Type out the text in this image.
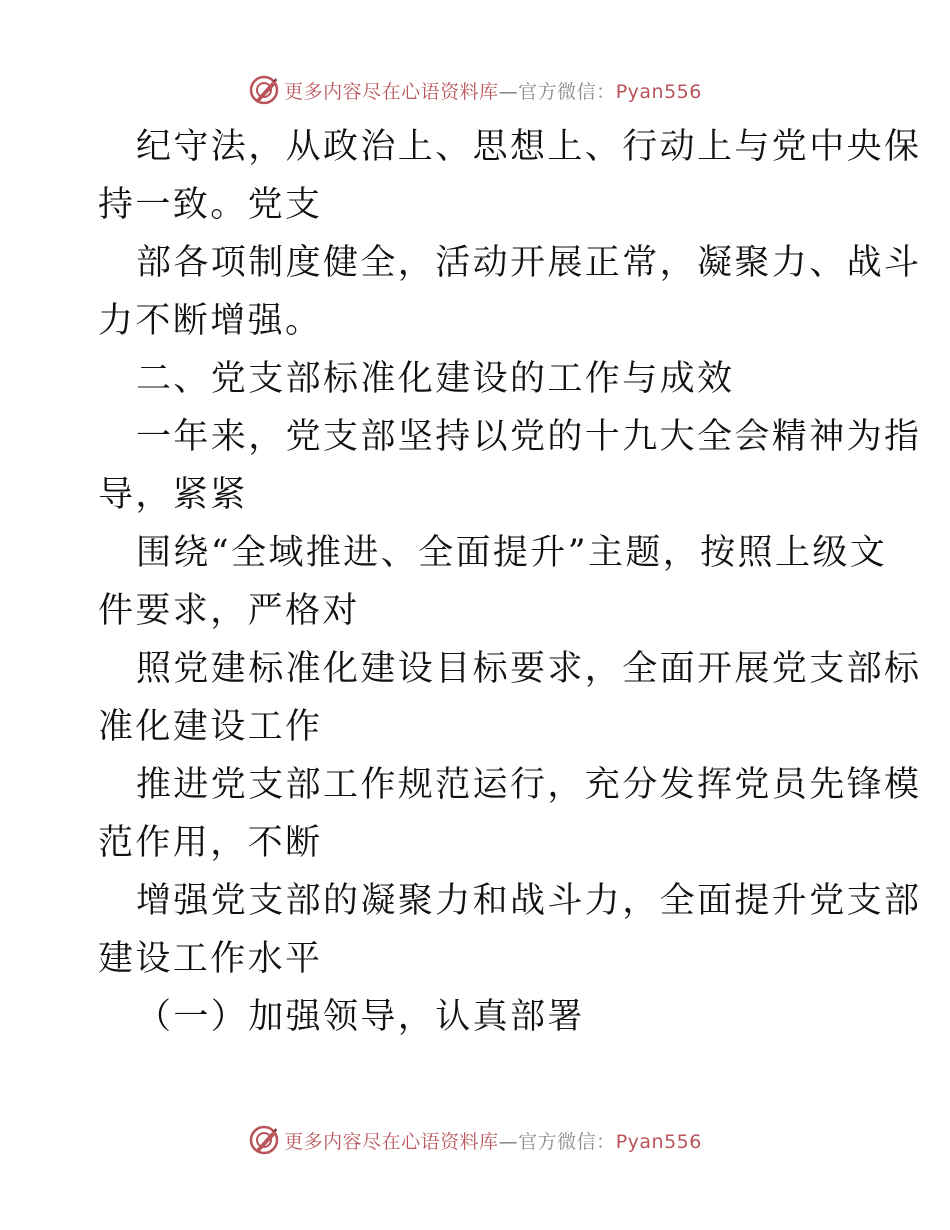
更多内容尽在心语资料库—官方微信：Pyan556

纪守法，从政治上、思想上、行动上与党中央保
持一致。党支

部各项制度健全，活动开展正常，凝聚力、战斗
力不断增强。

二、党支部标准化建设的工作与成效

一年来，党支部坚持以党的十九大全会精神为指
导，紧紧

围绕“全域推进、全面提升”主题，按照上级文
件要求，严格对

照党建标准化建设目标要求，全面开展党支部标
准化建设工作

推进党支部工作规范运行，充分发挥党员先锋模
范作用，不断

增强党支部的凝聚力和战斗力，全面提升党支部
建设工作水平

（一）加强领导，认真部署

更多内容尽在心语资料库—官方微信：Pyan556
